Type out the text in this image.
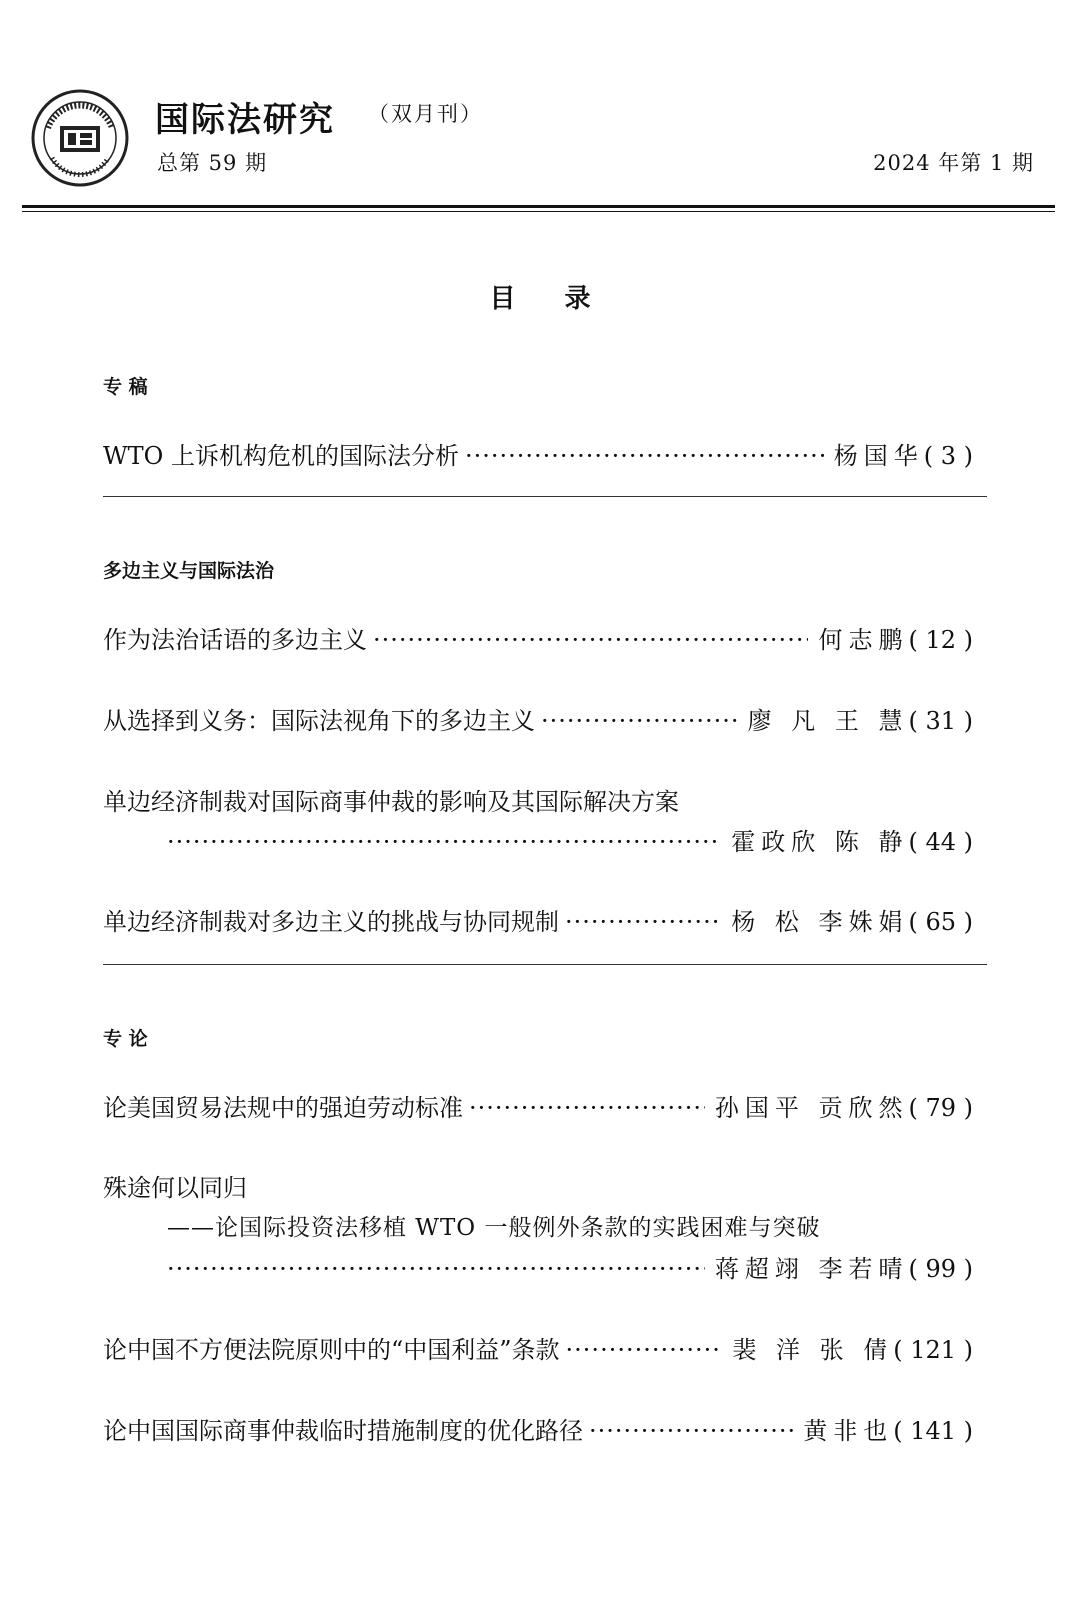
国际法研究 （双月刊）
总第 59 期	2024 年第 1 期
目 录
专 稿
WTO 上诉机构危机的国际法分析 ·····	杨国华 ( 3 )
多边主义与国际法治
作为法治话语的多边主义 ·····	何志鹏 ( 12 )
从选择到义务：国际法视角下的多边主义 ·····	廖 凡 王 慧 ( 31 )
单边经济制裁对国际商事仲裁的影响及其国际解决方案
·····
霍政欣 陈 静 ( 44 )
单边经济制裁对多边主义的挑战与协同规制 ·····	杨 松 李姝娟 ( 65 )
专 论
论美国贸易法规中的强迫劳动标准 ·····	孙国平 贡欣然 ( 79 )
殊途何以同归
——论国际投资法移植 WTO 一般例外条款的实践困难与突破
·····
蒋超翊 李若晴 ( 99 )
论中国不方便法院原则中的“中国利益”条款 ·····	裴 洋 张 倩 ( 121 )
论中国国际商事仲裁临时措施制度的优化路径 ·····	黄非也 ( 141 )
